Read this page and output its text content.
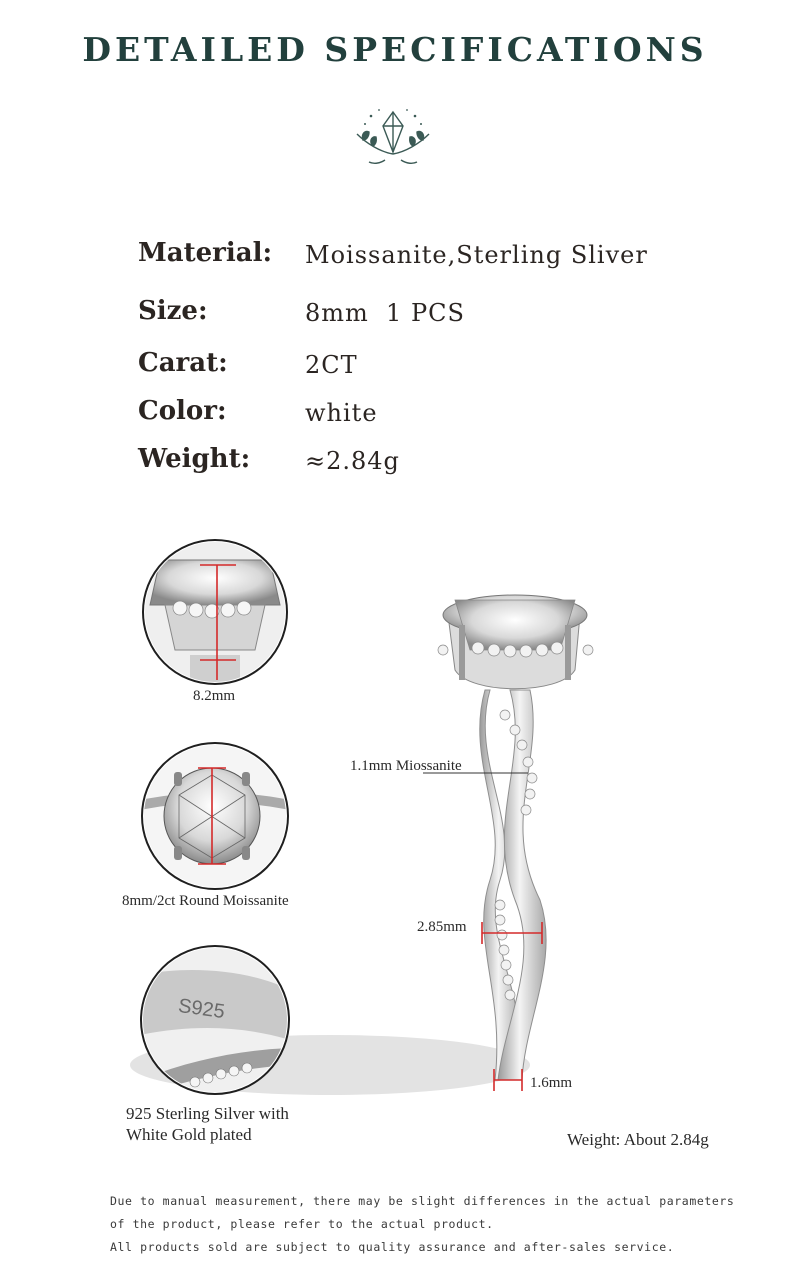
DETAILED SPECIFICATIONS
Material: Moissanite,Sterling Sliver
Size:	8mm  1 PCS
Carat:	2CT
Color:	white
Weight: ≈2.84g
S925
8.2mm
8mm/2ct Round Moissanite
925 Sterling Silver with
White Gold plated
1.1mm Miossanite
2.85mm
1.6mm
Weight: About 2.84g
Due to manual measurement, there may be slight differences in the actual parameters
of the product, please refer to the actual product.
All products sold are subject to quality assurance and after-sales service.
